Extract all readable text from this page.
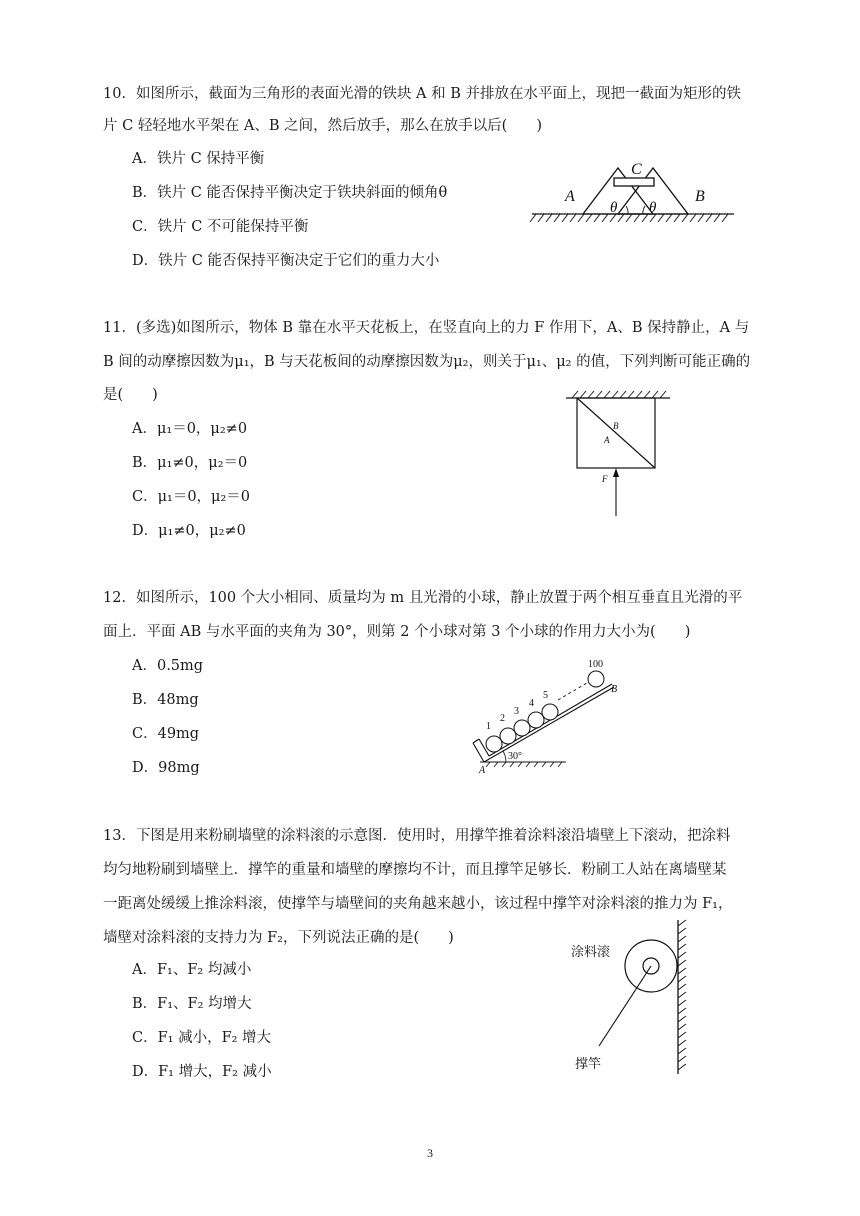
10．如图所示，截面为三角形的表面光滑的铁块 A 和 B 并排放在水平面上，现把一截面为矩形的铁
片 C 轻轻地水平架在 A、B 之间，然后放手，那么在放手以后(　　)
A．铁片 C 保持平衡
B．铁片 C 能否保持平衡决定于铁块斜面的倾角θ
C．铁片 C 不可能保持平衡
D．铁片 C 能否保持平衡决定于它们的重力大小
A	B
C
θ θ
11．(多选)如图所示，物体 B 靠在水平天花板上，在竖直向上的力 F 作用下，A、B 保持静止，A 与
B 间的动摩擦因数为μ₁，B 与天花板间的动摩擦因数为μ₂，则关于μ₁、μ₂ 的值，下列判断可能正确的
是(　　)
A．μ₁＝0，μ₂≠0
B．μ₁≠0，μ₂＝0
C．μ₁＝0，μ₂＝0
D．μ₁≠0，μ₂≠0
B
A
F
12．如图所示，100 个大小相同、质量均为 m 且光滑的小球，静止放置于两个相互垂直且光滑的平
面上．平面 AB 与水平面的夹角为 30°，则第 2 个小球对第 3 个小球的作用力大小为(　　)
A．0.5mg
B．48mg
C．49mg
D．98mg
1
2
3
4
5
100
B
A
30°
13．下图是用来粉刷墙壁的涂料滚的示意图．使用时，用撑竿推着涂料滚沿墙壁上下滚动，把涂料
均匀地粉刷到墙壁上．撑竿的重量和墙壁的摩擦均不计，而且撑竿足够长．粉刷工人站在离墙壁某
一距离处缓缓上推涂料滚，使撑竿与墙壁间的夹角越来越小，该过程中撑竿对涂料滚的推力为 F₁，
墙壁对涂料滚的支持力为 F₂，下列说法正确的是(　　)
A．F₁、F₂ 均减小
B．F₁、F₂ 均增大
C．F₁ 减小，F₂ 增大
D．F₁ 增大，F₂ 减小
涂料滚
撑竿
3
